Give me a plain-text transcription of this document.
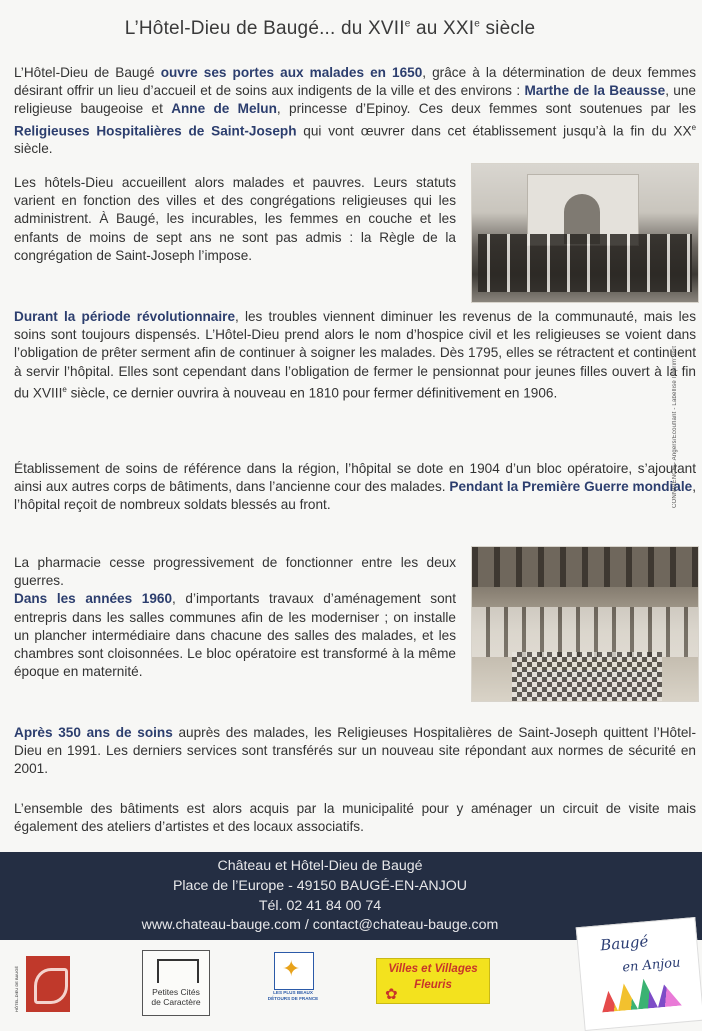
L’Hôtel-Dieu de Baugé... du XVIIe au XXIe siècle

L’Hôtel-Dieu de Baugé ouvre ses portes aux malades en 1650, grâce à la détermination de deux femmes désirant offrir un lieu d’accueil et de soins aux indigents de la ville et des environs : Marthe de la Beausse, une religieuse baugeoise et Anne de Melun, princesse d’Epinoy. Ces deux femmes sont soutenues par les Religieuses Hospitalières de Saint-Joseph qui vont œuvrer dans cet établissement jusqu’à la fin du XXe siècle.

Les hôtels-Dieu accueillent alors malades et pauvres. Leurs statuts varient en fonction des villes et des congrégations religieuses qui les administrent. À Baugé, les incurables, les femmes en couche et les enfants de moins de sept ans ne sont pas admis : la Règle de la congrégation de Saint-Joseph l’impose.

Durant la période révolutionnaire, les troubles viennent diminuer les revenus de la communauté, mais les soins sont toujours dispensés. L’Hôtel-Dieu prend alors le nom d’hospice civil et les religieuses se voient dans l’obligation de prêter serment afin de continuer à soigner les malades. Dès 1795, elles se rétractent et continuent à servir l’hôpital. Elles sont cependant dans l’obligation de fermer le pensionnat pour jeunes filles ouvert à la fin du XVIIIe siècle, ce dernier ouvrira à nouveau en 1810 pour fermer définitivement en 1906.

Établissement de soins de référence dans la région, l’hôpital se dote en 1904 d’un bloc opératoire, s’ajoutant ainsi aux autres corps de bâtiments, dans l’ancienne cour des malades. Pendant la Première Guerre mondiale, l’hôpital reçoit de nombreux soldats blessés au front.	CONNIVENCE - Angers/Ecouflant - Labellisé Imprim'Vert

La pharmacie cesse progressivement de fonctionner entre les deux guerres.
Dans les années 1960, d’importants travaux d’aménagement sont entrepris dans les salles communes afin de les moderniser ; on installe un plancher intermédiaire dans chacune des salles des malades, et les chambres sont cloisonnées. Le bloc opératoire est transformé à la même époque en maternité.

Après 350 ans de soins auprès des malades, les Religieuses Hospitalières de Saint-Joseph quittent l’Hôtel-Dieu en 1991. Les derniers services sont transférés sur un nouveau site répondant aux normes de sécurité en 2001.

L’ensemble des bâtiments est alors acquis par la municipalité pour y aménager un circuit de visite mais également des ateliers d’artistes et des locaux associatifs.

Château et Hôtel-Dieu de Baugé
Place de l’Europe - 49150 BAUGÉ-EN-ANJOU
Tél. 02 41 84 00 74
www.chateau-bauge.com / contact@chateau-bauge.com
HÔTEL-DIEU DE BAUGÉ	Petites Cités
de Caractère
✦
LES PLUS BEAUX DÉTOURS DE FRANCE
Villes et Villages
Fleuris
✿
Baugé
en Anjou
